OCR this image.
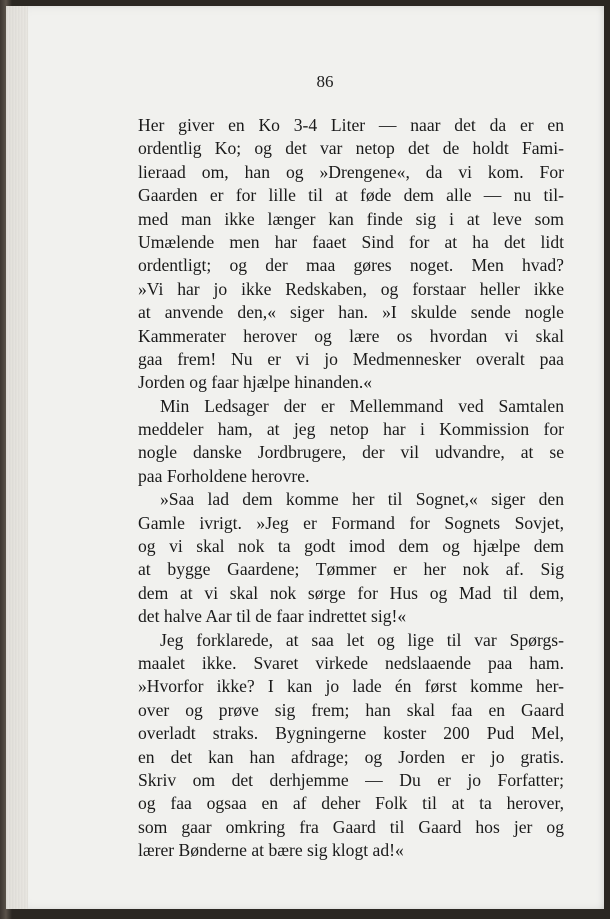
86
Her giver en Ko 3-4 Liter — naar det da er en
ordentlig Ko; og det var netop det de holdt Fami-
lieraad om, han og »Drengene«, da vi kom. For
Gaarden er for lille til at føde dem alle — nu til-
med man ikke længer kan finde sig i at leve som
Umælende men har faaet Sind for at ha det lidt
ordentligt; og der maa gøres noget. Men hvad?
»Vi har jo ikke Redskaben, og forstaar heller ikke
at anvende den,« siger han. »I skulde sende nogle
Kammerater herover og lære os hvordan vi skal
gaa frem! Nu er vi jo Medmennesker overalt paa
Jorden og faar hjælpe hinanden.«
Min Ledsager der er Mellemmand ved Samtalen
meddeler ham, at jeg netop har i Kommission for
nogle danske Jordbrugere, der vil udvandre, at se
paa Forholdene herovre.
»Saa lad dem komme her til Sognet,« siger den
Gamle ivrigt. »Jeg er Formand for Sognets Sovjet,
og vi skal nok ta godt imod dem og hjælpe dem
at bygge Gaardene; Tømmer er her nok af. Sig
dem at vi skal nok sørge for Hus og Mad til dem,
det halve Aar til de faar indrettet sig!«
Jeg forklarede, at saa let og lige til var Spørgs-
maalet ikke. Svaret virkede nedslaaende paa ham.
»Hvorfor ikke? I kan jo lade én først komme her-
over og prøve sig frem; han skal faa en Gaard
overladt straks. Bygningerne koster 200 Pud Mel,
en det kan han afdrage; og Jorden er jo gratis.
Skriv om det derhjemme — Du er jo Forfatter;
og faa ogsaa en af deher Folk til at ta herover,
som gaar omkring fra Gaard til Gaard hos jer og
lærer Bønderne at bære sig klogt ad!«
